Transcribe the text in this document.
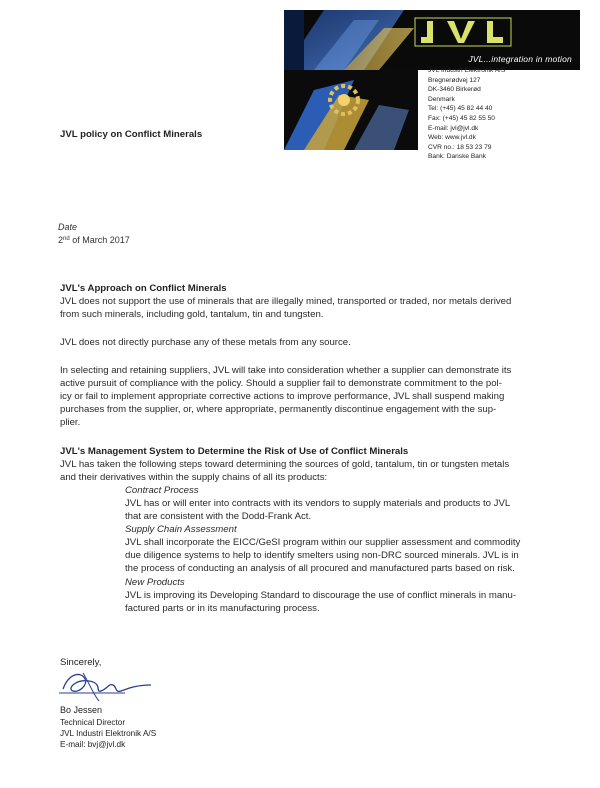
JVL...integration in motion
JVL Industri Elektronik A/S
Bregnerødvej 127
DK-3460 Birkerød
Denmark
Tel: (+45) 45 82 44 40
Fax: (+45) 45 82 55 50
E-mail: jvl@jvl.dk
Web: www.jvl.dk
CVR no.: 18 53 23 79
Bank: Danske Bank
JVL policy on Conflict Minerals
Date
2nd of March 2017
JVL's Approach on Conflict Minerals
JVL does not support the use of minerals that are illegally mined, transported or traded, nor metals derived
from such minerals, including gold, tantalum, tin and tungsten.
JVL does not directly purchase any of these metals from any source.
In selecting and retaining suppliers, JVL will take into consideration whether a supplier can demonstrate its
active pursuit of compliance with the policy. Should a supplier fail to demonstrate commitment to the pol-
icy or fail to implement appropriate corrective actions to improve performance, JVL shall suspend making
purchases from the supplier, or, where appropriate, permanently discontinue engagement with the sup-
plier.
JVL's Management System to Determine the Risk of Use of Conflict Minerals
JVL has taken the following steps toward determining the sources of gold, tantalum, tin or tungsten metals
and their derivatives within the supply chains of all its products:
Contract Process
JVL has or will enter into contracts with its vendors to supply materials and products to JVL
that are consistent with the Dodd-Frank Act.
Supply Chain Assessment
JVL shall incorporate the EICC/GeSI program within our supplier assessment and commodity
due diligence systems to help to identify smelters using non-DRC sourced minerals. JVL is in
the process of conducting an analysis of all procured and manufactured parts based on risk.
New Products
JVL is improving its Developing Standard to discourage the use of conflict minerals in manu-
factured parts or in its manufacturing process.
Sincerely,
Bo Jessen
Technical Director
JVL Industri Elektronik A/S
E-mail: bvj@jvl.dk
